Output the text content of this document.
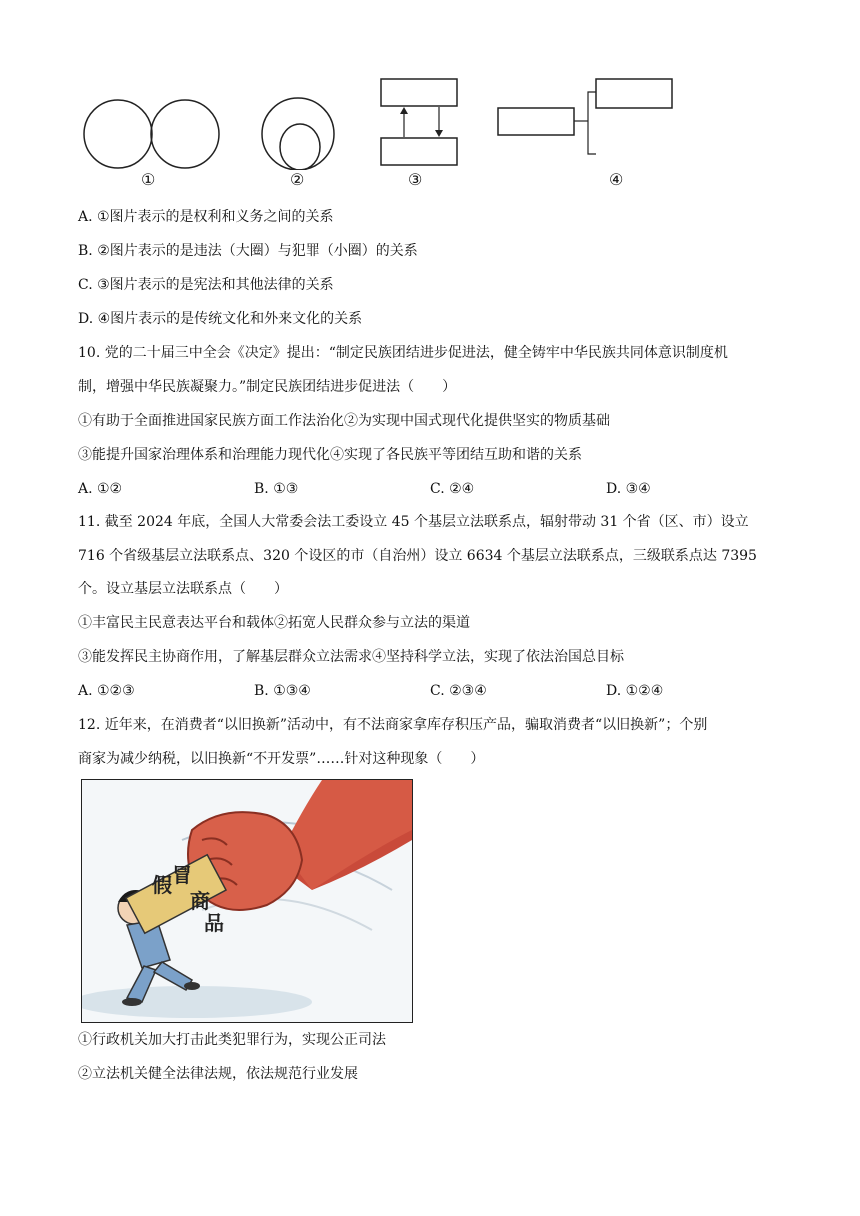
①	②	③	④
A. ①图片表示的是权利和义务之间的关系
B. ②图片表示的是违法（大圈）与犯罪（小圈）的关系
C. ③图片表示的是宪法和其他法律的关系
D. ④图片表示的是传统文化和外来文化的关系
10. 党的二十届三中全会《决定》提出：“制定民族团结进步促进法，健全铸牢中华民族共同体意识制度机
制，增强中华民族凝聚力。”制定民族团结进步促进法（　　）
①有助于全面推进国家民族方面工作法治化②为实现中国式现代化提供坚实的物质基础
③能提升国家治理体系和治理能力现代化④实现了各民族平等团结互助和谐的关系
A. ①②	B. ①③	C. ②④	D. ③④
11. 截至 2024 年底，全国人大常委会法工委设立 45 个基层立法联系点，辐射带动 31 个省（区、市）设立
716 个省级基层立法联系点、320 个设区的市（自治州）设立 6634 个基层立法联系点，三级联系点达 7395
个。设立基层立法联系点（　　）
①丰富民主民意表达平台和载体②拓宽人民群众参与立法的渠道
③能发挥民主协商作用，了解基层群众立法需求④坚持科学立法，实现了依法治国总目标
A. ①②③	B. ①③④	C. ②③④	D. ①②④
12. 近年来，在消费者“以旧换新”活动中，有不法商家拿库存积压产品，骗取消费者“以旧换新”；个别
商家为减少纳税，以旧换新“不开发票”……针对这种现象（　　）
假 冒
商
品
①行政机关加大打击此类犯罪行为，实现公正司法
②立法机关健全法律法规，依法规范行业发展
